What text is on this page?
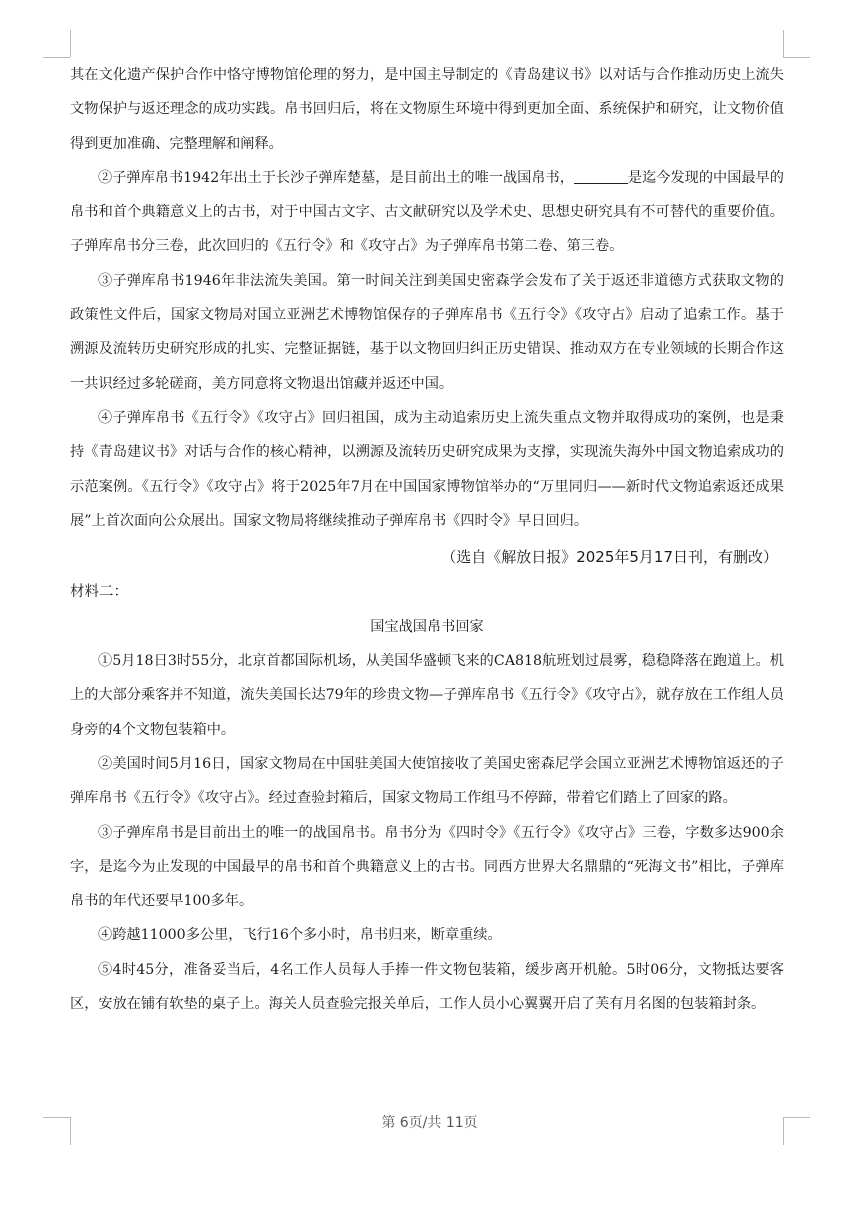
其在文化遗产保护合作中恪守博物馆伦理的努力，是中国主导制定的《青岛建议书》以对话与合作推动历史上流失文物保护与返还理念的成功实践。帛书回归后，将在文物原生环境中得到更加全面、系统保护和研究，让文物价值得到更加准确、完整理解和阐释。

②子弹库帛书1942年出土于长沙子弹库楚墓，是目前出土的唯一战国帛书，	是迄今发现的中国最早的帛书和首个典籍意义上的古书，对于中国古文字、古文献研究以及学术史、思想史研究具有不可替代的重要价值。子弹库帛书分三卷，此次回归的《五行令》和《攻守占》为子弹库帛书第二卷、第三卷。

③子弹库帛书1946年非法流失美国。第一时间关注到美国史密森学会发布了关于返还非道德方式获取文物的政策性文件后，国家文物局对国立亚洲艺术博物馆保存的子弹库帛书《五行令》《攻守占》启动了追索工作。基于溯源及流转历史研究形成的扎实、完整证据链，基于以文物回归纠正历史错误、推动双方在专业领域的长期合作这一共识经过多轮磋商，美方同意将文物退出馆藏并返还中国。

④子弹库帛书《五行令》《攻守占》回归祖国，成为主动追索历史上流失重点文物并取得成功的案例，也是秉持《青岛建议书》对话与合作的核心精神，以溯源及流转历史研究成果为支撑，实现流失海外中国文物追索成功的示范案例。《五行令》《攻守占》将于2025年7月在中国国家博物馆举办的“万里同归——新时代文物追索返还成果展”上首次面向公众展出。国家文物局将继续推动子弹库帛书《四时令》早日回归。

（选自《解放日报》2025年5月17日刊，有删改）

材料二：

国宝战国帛书回家

①5月18日3时55分，北京首都国际机场，从美国华盛顿飞来的CA818航班划过晨雾，稳稳降落在跑道上。机上的大部分乘客并不知道，流失美国长达79年的珍贵文物—子弹库帛书《五行令》《攻守占》，就存放在工作组人员身旁的4个文物包装箱中。

②美国时间5月16日，国家文物局在中国驻美国大使馆接收了美国史密森尼学会国立亚洲艺术博物馆返还的子弹库帛书《五行令》《攻守占》。经过查验封箱后，国家文物局工作组马不停蹄，带着它们踏上了回家的路。

③子弹库帛书是目前出土的唯一的战国帛书。帛书分为《四时令》《五行令》《攻守占》三卷，字数多达900余字，是迄今为止发现的中国最早的帛书和首个典籍意义上的古书。同西方世界大名鼎鼎的“死海文书”相比，子弹库帛书的年代还要早100多年。

④跨越11000多公里，飞行16个多小时，帛书归来，断章重续。

⑤4时45分，准备妥当后，4名工作人员每人手捧一件文物包装箱，缓步离开机舱。5时06分，文物抵达要客区，安放在铺有软垫的桌子上。海关人员查验完报关单后，工作人员小心翼翼开启了芙有月名图的包装箱封条。

第 6页/共 11页
